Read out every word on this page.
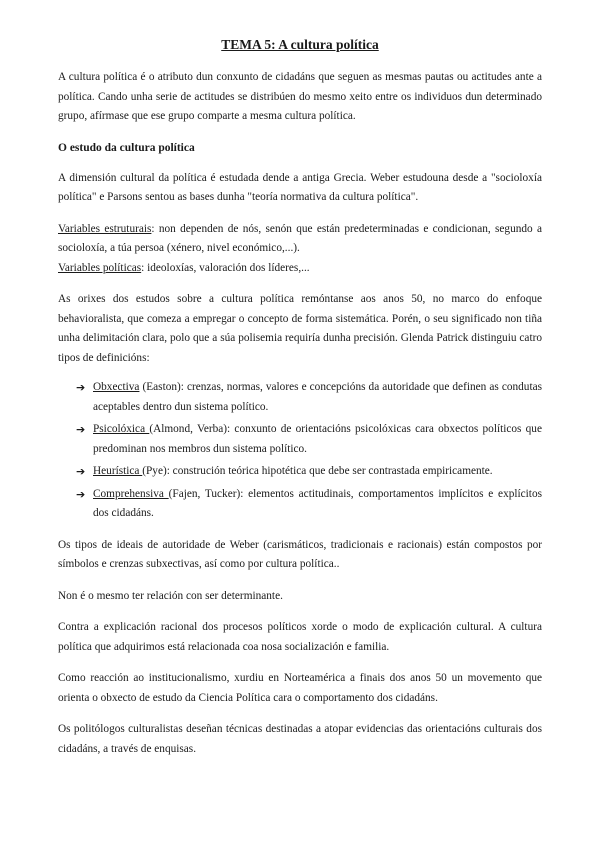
TEMA 5: A cultura política

A cultura política é o atributo dun conxunto de cidadáns que seguen as mesmas pautas ou actitudes ante a política. Cando unha serie de actitudes se distribúen do mesmo xeito entre os individuos dun determinado grupo, afírmase que ese grupo comparte a mesma cultura política.

O estudo da cultura política

A dimensión cultural da política é estudada dende a antiga Grecia. Weber estudouna desde a "socioloxía política" e Parsons sentou as bases dunha "teoría normativa da cultura política".

Variables estruturais: non dependen de nós, senón que están predeterminadas e condicionan, segundo a socioloxía, a túa persoa (xénero, nivel económico,...).

Variables políticas: ideoloxías, valoración dos líderes,...

As orixes dos estudos sobre a cultura política remóntanse aos anos 50, no marco do enfoque behavioralista, que comeza a empregar o concepto de forma sistemática. Porén, o seu significado non tiña unha delimitación clara, polo que a súa polisemia requiría dunha precisión. Glenda Patrick distinguiu catro tipos de definicións:

➔ Obxectiva (Easton): crenzas, normas, valores e concepcións da autoridade que definen as condutas aceptables dentro dun sistema político.
➔ Psicolóxica (Almond, Verba): conxunto de orientacións psicolóxicas cara obxectos políticos que predominan nos membros dun sistema político.
➔ Heurística (Pye): construción teórica hipotética que debe ser contrastada empiricamente.
➔ Comprehensiva (Fajen, Tucker): elementos actitudinais, comportamentos implícitos e explícitos dos cidadáns.

Os tipos de ideais de autoridade de Weber (carismáticos, tradicionais e racionais) están compostos por símbolos e crenzas subxectivas, así como por cultura política..

Non é o mesmo ter relación con ser determinante.

Contra a explicación racional dos procesos políticos xorde o modo de explicación cultural. A cultura política que adquirimos está relacionada coa nosa socialización e familia.

Como reacción ao institucionalismo, xurdiu en Norteamérica a finais dos anos 50 un movemento que orienta o obxecto de estudo da Ciencia Política cara o comportamento dos cidadáns.

Os politólogos culturalistas deseñan técnicas destinadas a atopar evidencias das orientacións culturais dos cidadáns, a través de enquisas.
